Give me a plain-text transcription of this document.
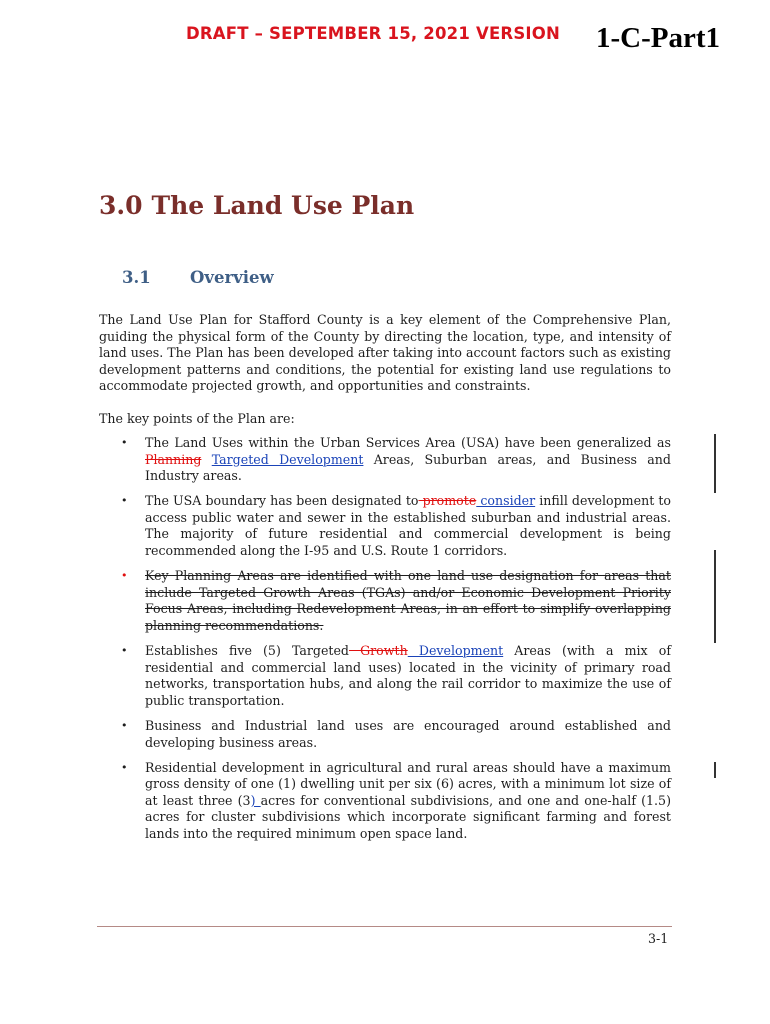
DRAFT – SEPTEMBER 15, 2021 VERSION 1-C-Part1
3.0 The Land Use Plan
3.1 Overview

The Land Use Plan for Stafford County is a key element of the Comprehensive Plan, guiding the physical form of the County by directing the location, type, and intensity of land uses. The Plan has been developed after taking into account factors such as existing development patterns and conditions, the potential for existing land use regulations to accommodate projected growth, and opportunities and constraints.

The key points of the Plan are:

• The Land Uses within the Urban Services Area (USA) have been generalized as Planning Targeted Development Areas, Suburban areas, and Business and Industry areas.
• The USA boundary has been designated to promote consider infill development to access public water and sewer in the established suburban and industrial areas. The majority of future residential and commercial development is being recommended along the I-95 and U.S. Route 1 corridors.
• Key Planning Areas are identified with one land use designation for areas that include Targeted Growth Areas (TGAs) and/or Economic Development Priority Focus Areas, including Redevelopment Areas, in an effort to simplify overlapping planning recommendations.
• Establishes five (5) Targeted Growth Development Areas (with a mix of residential and commercial land uses) located in the vicinity of primary road networks, transportation hubs, and along the rail corridor to maximize the use of public transportation.
• Business and Industrial land uses are encouraged around established and developing business areas.
• Residential development in agricultural and rural areas should have a maximum gross density of one (1) dwelling unit per six (6) acres, with a minimum lot size of at least three (3) acres for conventional subdivisions, and one and one-half (1.5) acres for cluster subdivisions which incorporate significant farming and forest lands into the required minimum open space land.
3-1
